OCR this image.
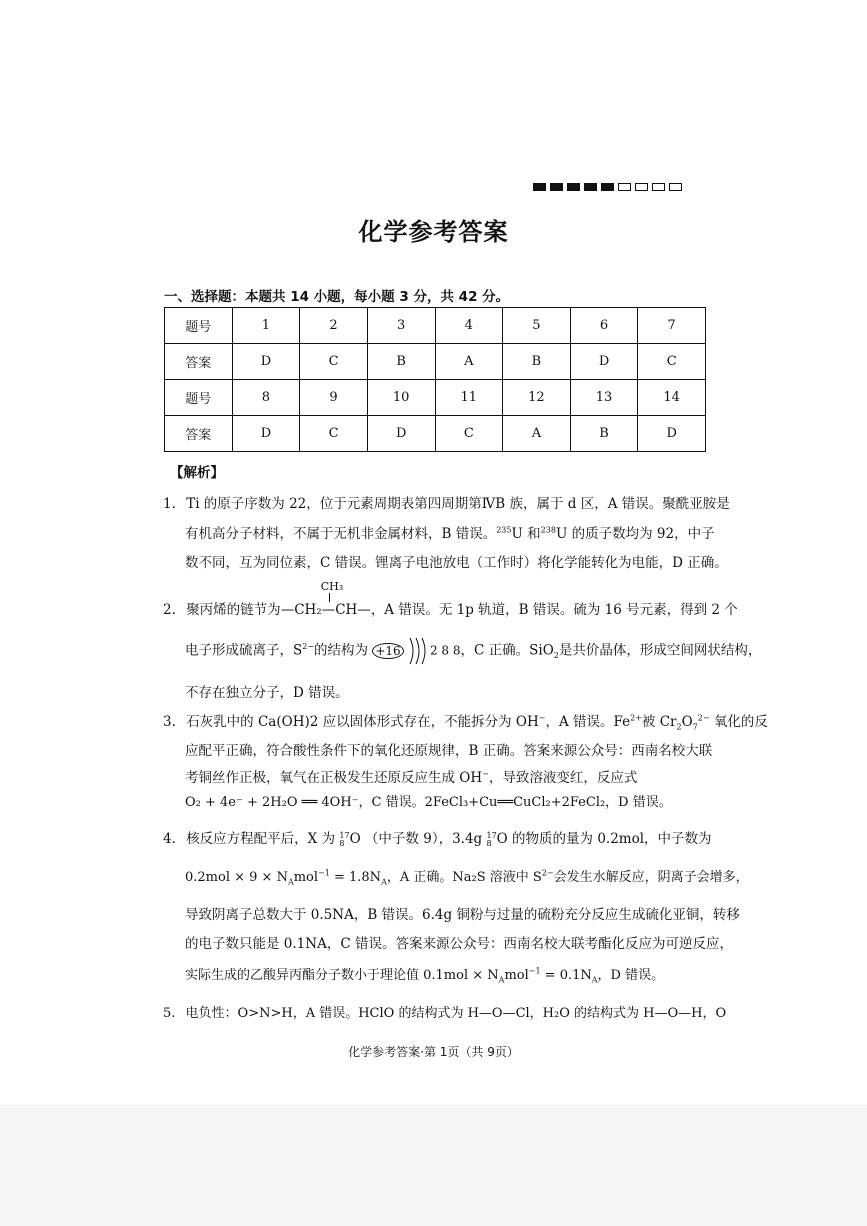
化学参考答案
一、选择题：本题共 14 小题，每小题 3 分，共 42 分。
题号	1	2	3	4	5	6	7
答案	D	C	B	A	B	D	C
题号	8	9	10	11	12	13	14
答案	D	C	D	C	A	B	D
【解析】
1. Ti 的原子序数为 22，位于元素周期表第四周期第ⅣB 族，属于 d 区，A 错误。聚酰亚胺是
有机高分子材料，不属于无机非金属材料，B 错误。$^{235}$U 和$^{238}$U 的质子数均为 92，中子
数不同，互为同位素，C 错误。锂离子电池放电（工作时）将化学能转化为电能，D 正确。
2. 聚丙烯的链节为
CH₃
—CH₂—CH—，A 错误。无 1p 轨道，B 错误。硫为 16 号元素，得到 2 个
电子形成硫离子，$S^{2-}$的结构为 +16 2 8 8，C 正确。SiO$_2$是共价晶体，形成空间网状结构，
不存在独立分子，D 错误。
3. 石灰乳中的 Ca(OH)2 应以固体形式存在，不能拆分为 OH−，A 错误。$Fe^{2+}$被 $Cr_2O_7^{2-}$ 氧化的反
应配平正确，符合酸性条件下的氧化还原规律，B 正确。答案来源公众号：西南名校大联
考铜丝作正极，氧气在正极发生还原反应生成 OH−，导致溶液变红，反应式
O₂ + 4e⁻ + 2H₂O ══ 4OH⁻，C 错误。2FeCl₃+Cu══CuCl₂+2FeCl₂，D 错误。
4. 核反应方程配平后，X 为 17
8 O （中子数 9），3.4g 17
8 O 的物质的量为 0.2mol，中子数为
$0.2mol \times 9 \times N_Amol^{-1} = 1.8N_A$，A 正确。Na₂S 溶液中 $S^{2-}$会发生水解反应，阴离子会增多，
导致阴离子总数大于 0.5NA，B 错误。6.4g 铜粉与过量的硫粉充分反应生成硫化亚铜，转移
的电子数只能是 0.1NA，C 错误。答案来源公众号：西南名校大联考酯化反应为可逆反应，
实际生成的乙酸异丙酯分子数小于理论值 $0.1mol \times N_Amol^{-1} = 0.1N_A$，D 错误。
5. 电负性：O>N>H，A 错误。HClO 的结构式为 H—O—Cl，H₂O 的结构式为 H—O—H，O
化学参考答案·第 1页（共 9页）
